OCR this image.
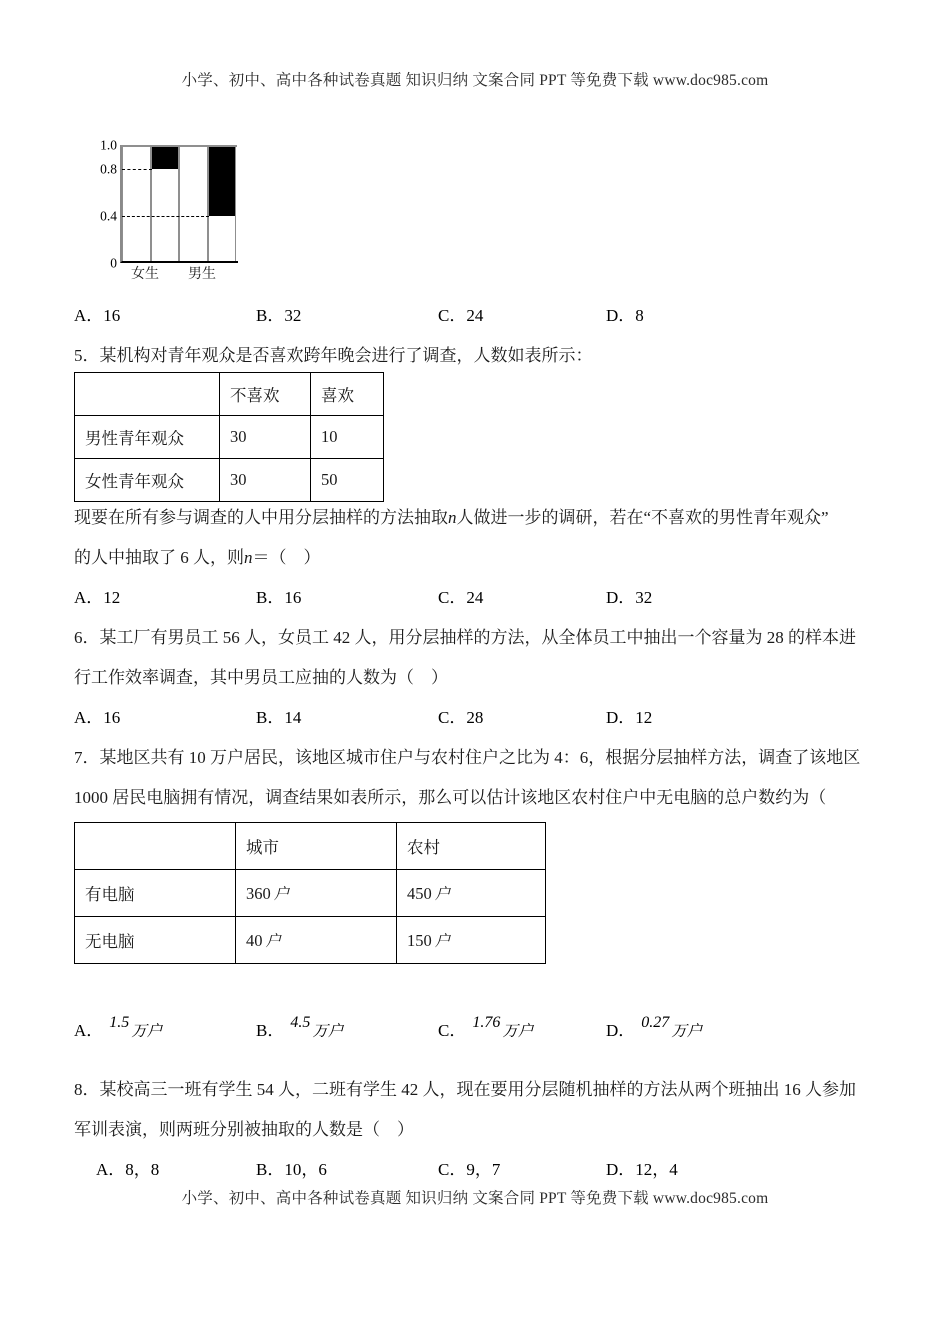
小学、初中、高中各种试卷真题 知识归纳 文案合同 PPT 等免费下载 www.doc985.com
1.0
0.8
0.4
0
女生 男生
A．16	B．32	C．24	D．8
5．某机构对青年观众是否喜欢跨年晚会进行了调查，人数如表所示：
现要在所有参与调查的人中用分层抽样的方法抽取n人做进一步的调研，若在“不喜欢的男性青年观众”
的人中抽取了 6 人，则n＝（　）
A．12	B．16	C．24	D．32
6．某工厂有男员工 56 人，女员工 42 人，用分层抽样的方法，从全体员工中抽出一个容量为 28 的样本进
行工作效率调查，其中男员工应抽的人数为（　）
A．16	B．14	C．28	D．12
7．某地区共有 10 万户居民，该地区城市住户与农村住户之比为 4：6，根据分层抽样方法，调查了该地区
1000 居民电脑拥有情况，调查结果如表所示，那么可以估计该地区农村住户中无电脑的总户数约为（
A． 1.5万户	B． 4.5万户	C． 1.76万户	D． 0.27万户
8．某校高三一班有学生 54 人，二班有学生 42 人，现在要用分层随机抽样的方法从两个班抽出 16 人参加
军训表演，则两班分别被抽取的人数是（　）
A．8，8	B．10，6	C．9，7	D．12，4
	不喜欢	喜欢
男性青年观众	30	10
女性青年观众	30	50
	城市	农村
有电脑	360 户	450 户
无电脑	40 户	150 户
小学、初中、高中各种试卷真题 知识归纳 文案合同 PPT 等免费下载 www.doc985.com
